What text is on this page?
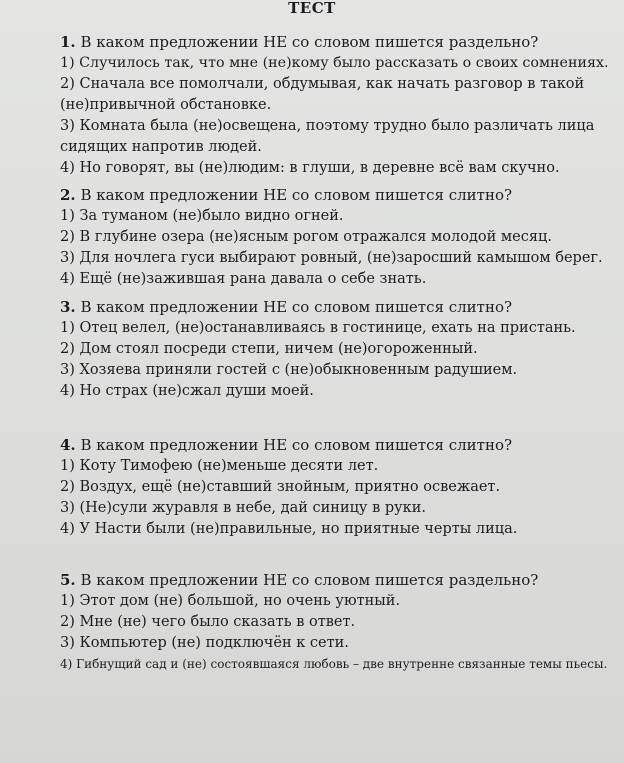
ТЕСТ
1. В каком предложении НЕ со словом пишется раздельно?
1) Случилось так, что мне (не)кому было рассказать о своих сомнениях.
2) Сначала все помолчали, обдумывая, как начать разговор в такой
(не)привычной обстановке.
3) Комната была (не)освещена, поэтому трудно было различать лица
сидящих напротив людей.
4) Но говорят, вы (не)людим: в глуши, в деревне всё вам скучно.
2. В каком предложении НЕ со словом пишется слитно?
1) За туманом (не)было видно огней.
2) В глубине озера (не)ясным рогом отражался молодой месяц.
3) Для ночлега гуси выбирают ровный, (не)заросший камышом берег.
4) Ещё (не)зажившая рана давала о себе знать.
3. В каком предложении НЕ со словом пишется слитно?
1) Отец велел, (не)останавливаясь в гостинице, ехать на пристань.
2) Дом стоял посреди степи, ничем (не)огороженный.
3) Хозяева приняли гостей с (не)обыкновенным радушием.
4) Но страх (не)сжал души моей.
4. В каком предложении НЕ со словом пишется слитно?
1) Коту Тимофею (не)меньше десяти лет.
2) Воздух, ещё (не)ставший знойным, приятно освежает.
3) (Не)сули журавля в небе, дай синицу в руки.
4) У Насти были (не)правильные, но приятные черты лица.
5. В каком предложении НЕ со словом пишется раздельно?
1) Этот дом (не) большой, но очень уютный.
2) Мне (не) чего было сказать в ответ.
3) Компьютер (не) подключён к сети.
4) Гибнущий сад и (не) состоявшаяся любовь – две внутренне связанные темы пьесы.
